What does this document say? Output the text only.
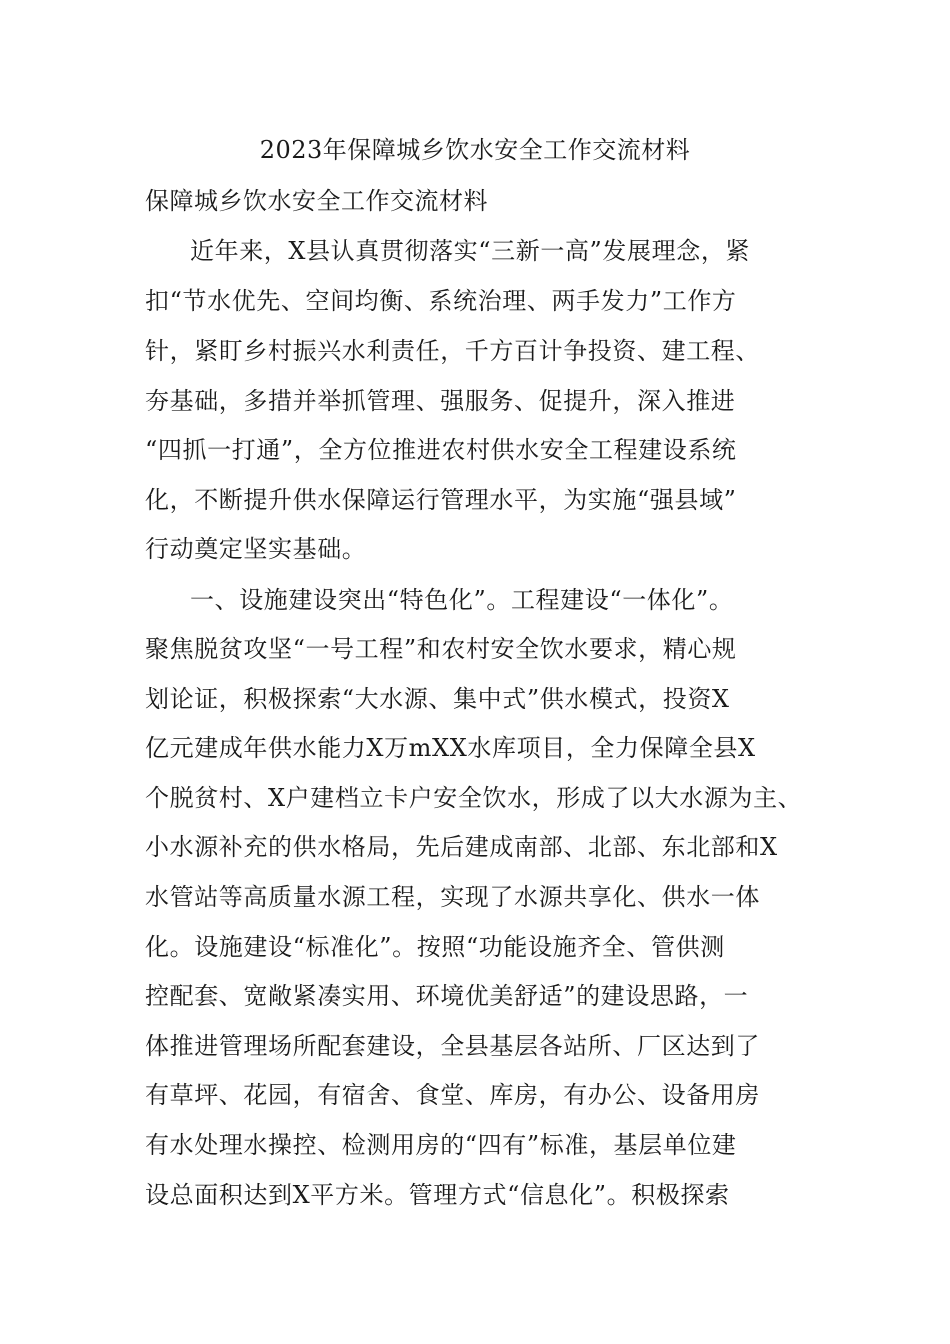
2023年保障城乡饮水安全工作交流材料
保障城乡饮水安全工作交流材料
近年来，X县认真贯彻落实“三新一高”发展理念，紧
扣“节水优先、空间均衡、系统治理、两手发力”工作方
针，紧盯乡村振兴水利责任，千方百计争投资、建工程、
夯基础，多措并举抓管理、强服务、促提升，深入推进
“四抓一打通”，全方位推进农村供水安全工程建设系统
化，不断提升供水保障运行管理水平，为实施“强县域”
行动奠定坚实基础。
一、设施建设突出“特色化”。工程建设“一体化”。
聚焦脱贫攻坚“一号工程”和农村安全饮水要求，精心规
划论证，积极探索“大水源、集中式”供水模式，投资X
亿元建成年供水能力X万mXX水库项目，全力保障全县X
个脱贫村、X户建档立卡户安全饮水，形成了以大水源为主、
小水源补充的供水格局，先后建成南部、北部、东北部和X
水管站等高质量水源工程，实现了水源共享化、供水一体
化。设施建设“标准化”。按照“功能设施齐全、管供测
控配套、宽敞紧凑实用、环境优美舒适”的建设思路，一
体推进管理场所配套建设，全县基层各站所、厂区达到了
有草坪、花园，有宿舍、食堂、库房，有办公、设备用房
有水处理水操控、检测用房的“四有”标准，基层单位建
设总面积达到X平方米。管理方式“信息化”。积极探索
